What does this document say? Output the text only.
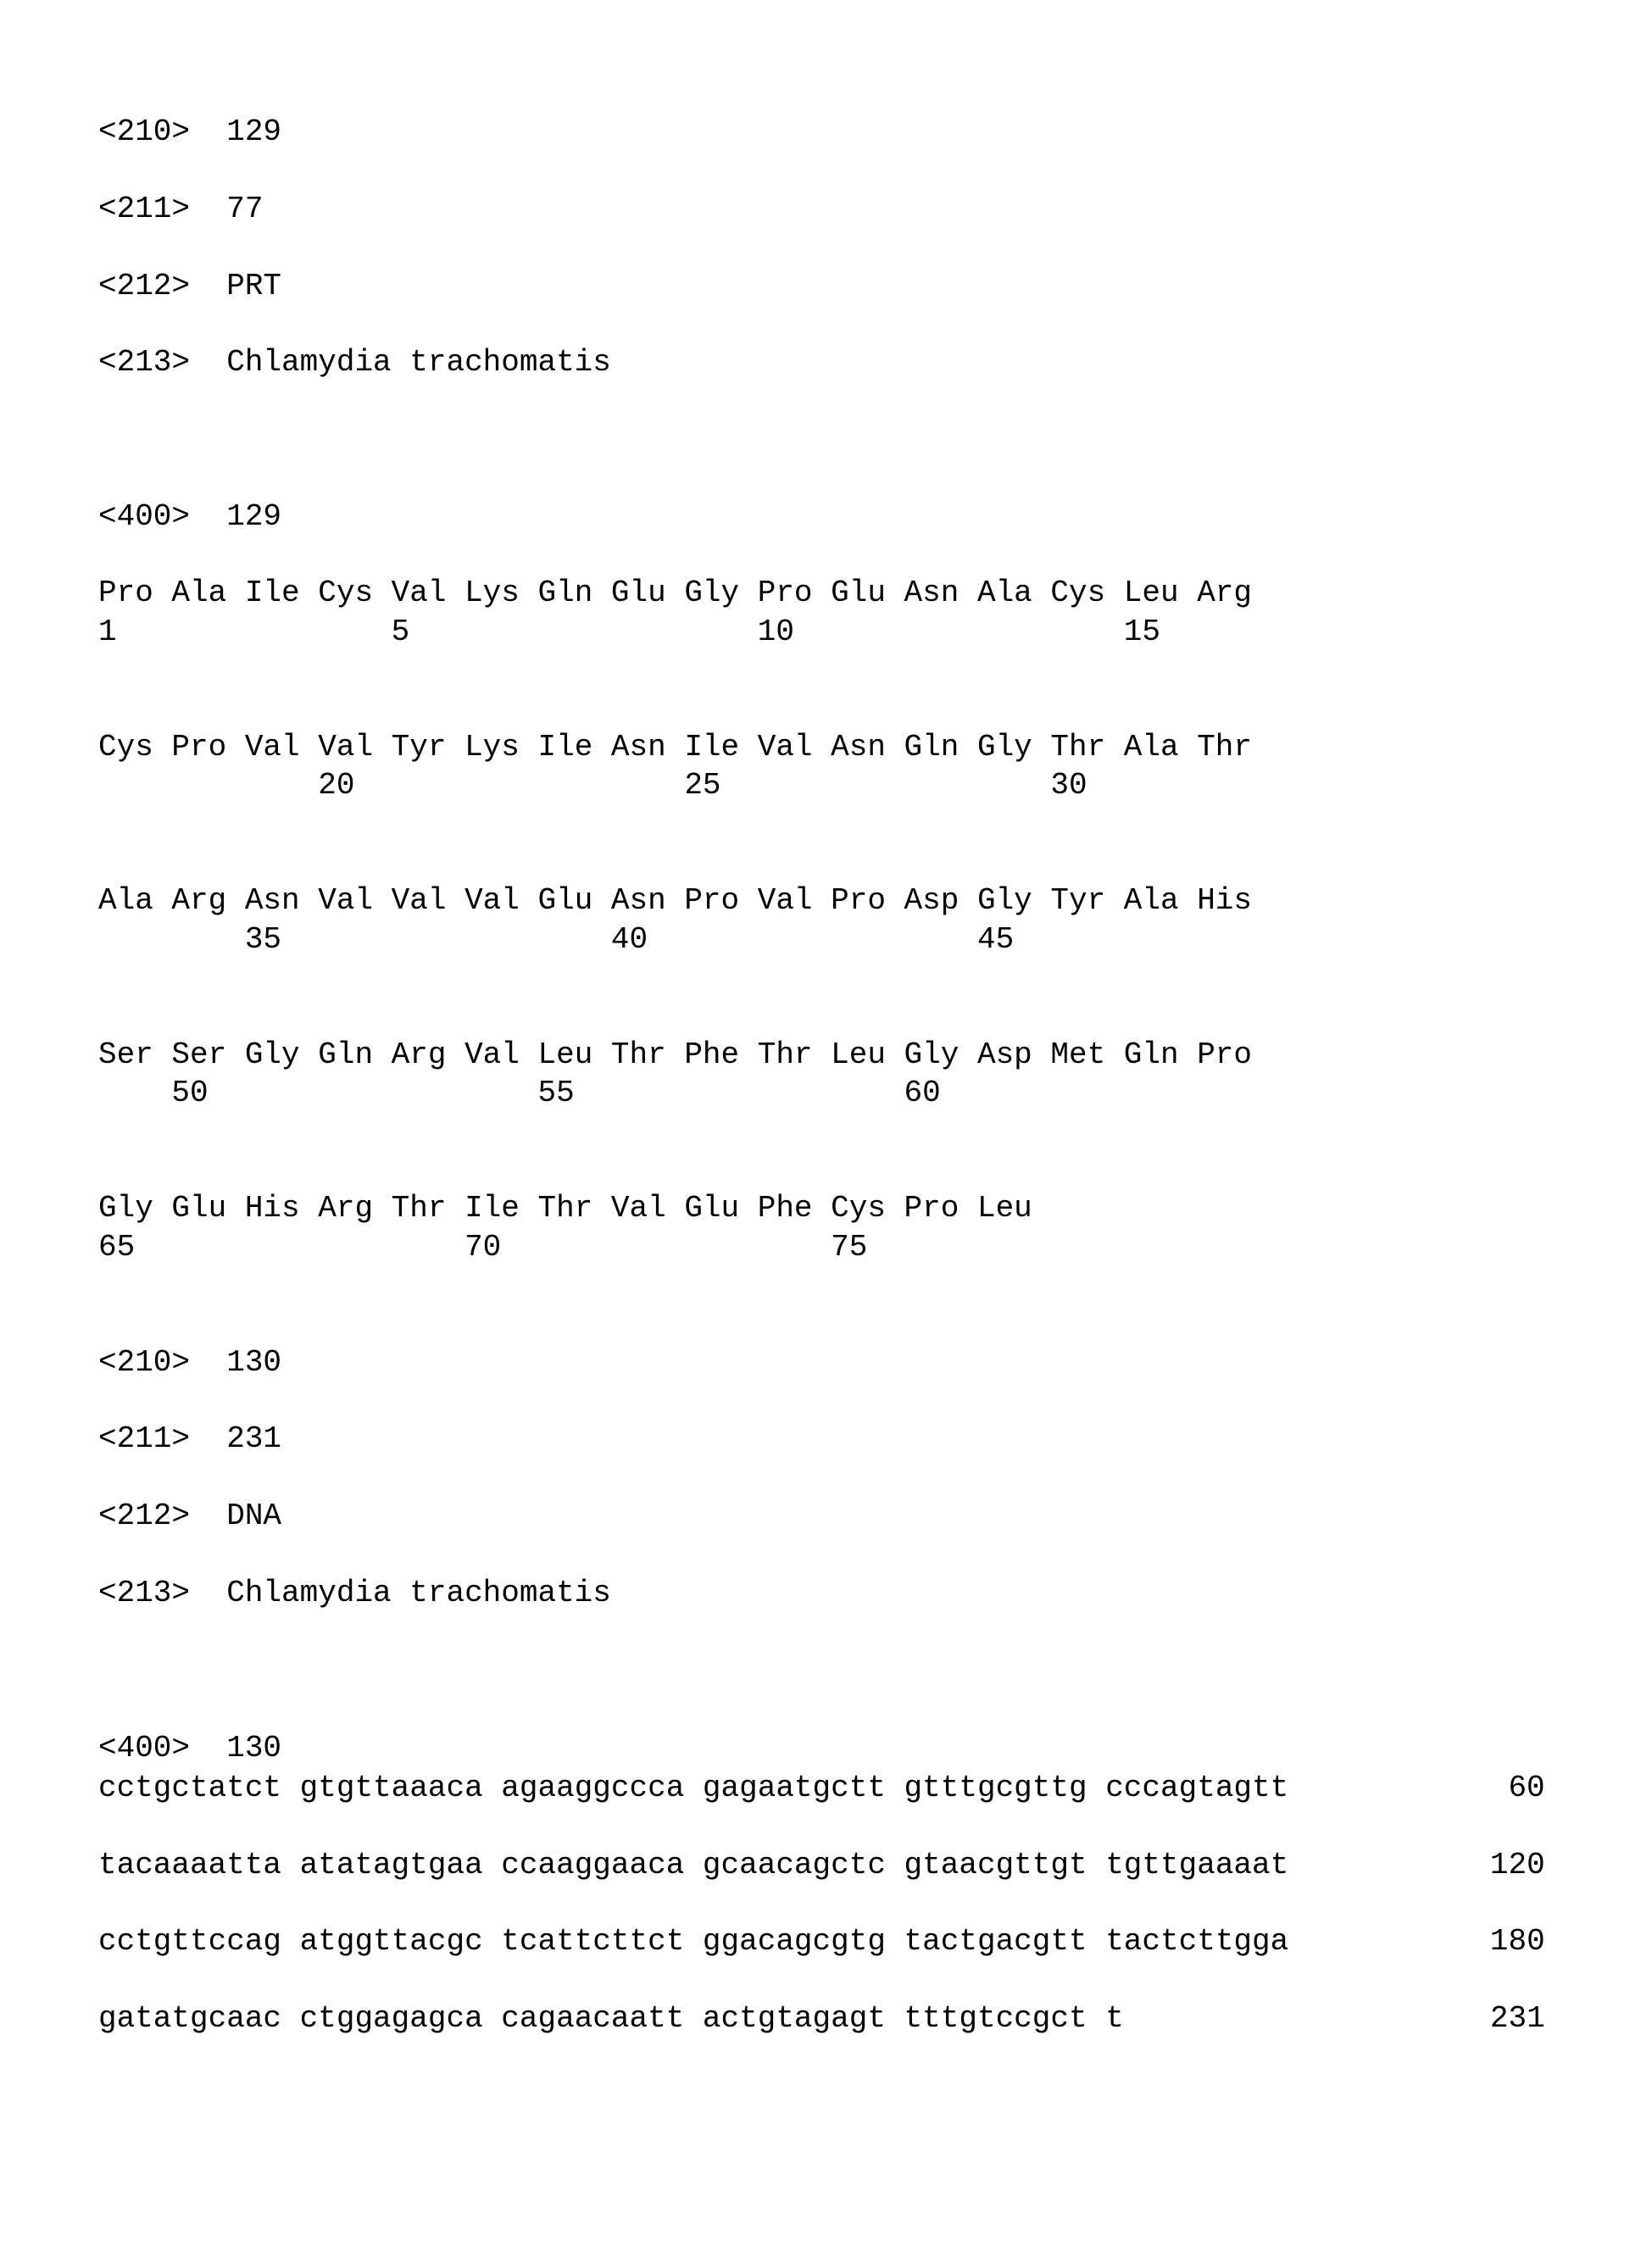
<210> 129
<211> 77
<212> PRT
<213> Chlamydia trachomatis
<400> 129
Pro Ala Ile Cys Val Lys Gln Glu Gly Pro Glu Asn Ala Cys Leu Arg
1	5	10	15
Cys Pro Val Val Tyr Lys Ile Asn Ile Val Asn Gln Gly Thr Ala Thr
20	25	30
Ala Arg Asn Val Val Val Glu Asn Pro Val Pro Asp Gly Tyr Ala His
35	40	45
Ser Ser Gly Gln Arg Val Leu Thr Phe Thr Leu Gly Asp Met Gln Pro
50	55	60
Gly Glu His Arg Thr Ile Thr Val Glu Phe Cys Pro Leu
65	70	75
<210> 130
<211> 231
<212> DNA
<213> Chlamydia trachomatis
<400> 130
cctgctatct gtgttaaaca agaaggccca gagaatgctt gtttgcgttg cccagtagtt	60
tacaaaatta atatagtgaa ccaaggaaca gcaacagctc gtaacgttgt tgttgaaaat	120
cctgttccag atggttacgc tcattcttct ggacagcgtg tactgacgtt tactcttgga	180
gatatgcaac ctggagagca cagaacaatt actgtagagt tttgtccgct t	231
